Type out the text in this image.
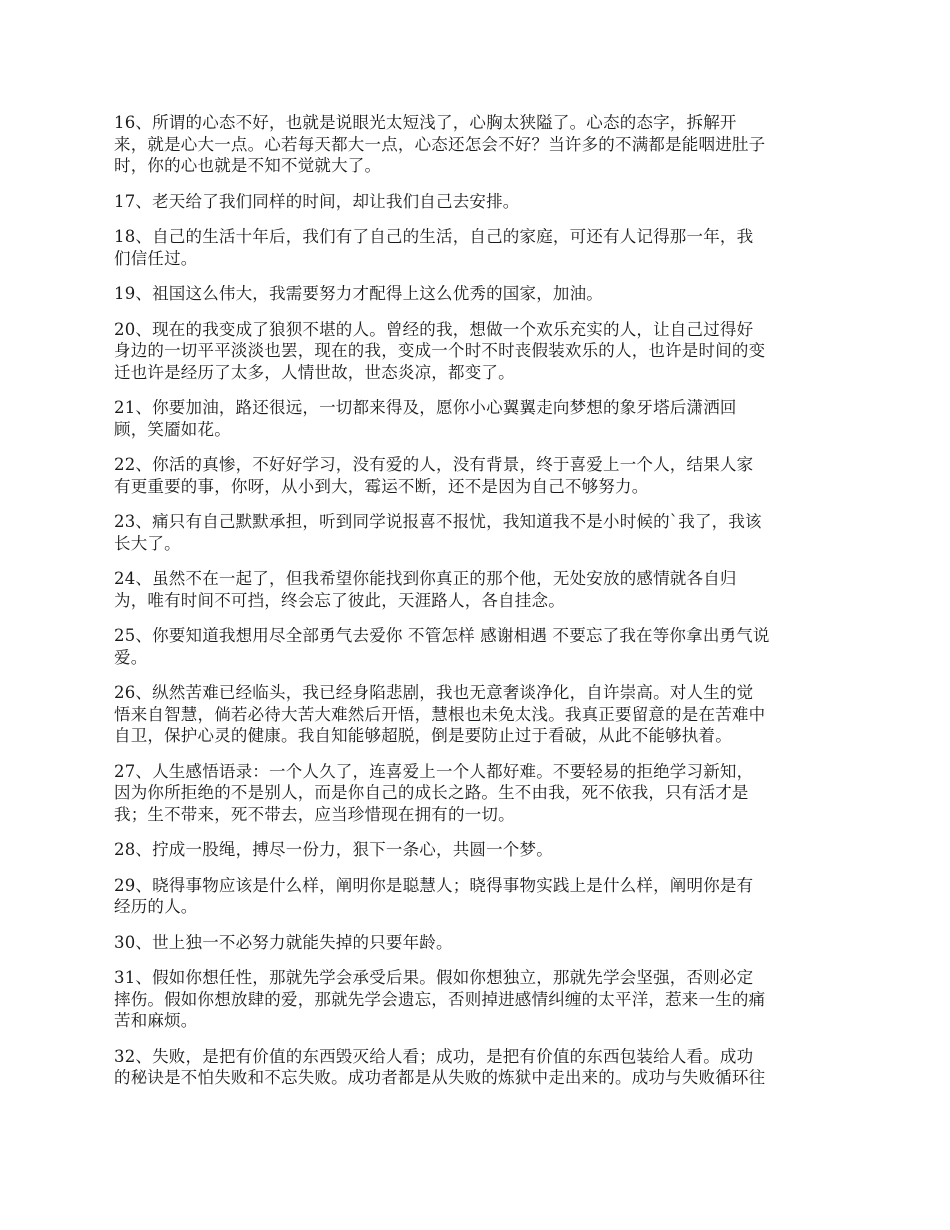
16、所谓的心态不好，也就是说眼光太短浅了，心胸太狭隘了。心态的态字，拆解开
来，就是心大一点。心若每天都大一点，心态还怎会不好？当许多的不满都是能咽进肚子
时，你的心也就是不知不觉就大了。
17、老天给了我们同样的时间，却让我们自己去安排。
18、自己的生活十年后，我们有了自己的生活，自己的家庭，可还有人记得那一年，我
们信任过。
19、祖国这么伟大，我需要努力才配得上这么优秀的国家，加油。
20、现在的我变成了狼狈不堪的人。曾经的我，想做一个欢乐充实的人，让自己过得好
身边的一切平平淡淡也罢，现在的我，变成一个时不时丧假装欢乐的人，也许是时间的变
迁也许是经历了太多，人情世故，世态炎凉，都变了。
21、你要加油，路还很远，一切都来得及，愿你小心翼翼走向梦想的象牙塔后潇洒回
顾，笑靥如花。
22、你活的真惨，不好好学习，没有爱的人，没有背景，终于喜爱上一个人，结果人家
有更重要的事，你呀，从小到大，霉运不断，还不是因为自己不够努力。
23、痛只有自己默默承担，听到同学说报喜不报忧，我知道我不是小时候的`我了，我该
长大了。
24、虽然不在一起了，但我希望你能找到你真正的那个他，无处安放的感情就各自归
为，唯有时间不可挡，终会忘了彼此，天涯路人，各自挂念。
25、你要知道我想用尽全部勇气去爱你 不管怎样 感谢相遇 不要忘了我在等你拿出勇气说
爱。
26、纵然苦难已经临头，我已经身陷悲剧，我也无意奢谈净化，自许崇高。对人生的觉
悟来自智慧，倘若必待大苦大难然后开悟，慧根也未免太浅。我真正要留意的是在苦难中
自卫，保护心灵的健康。我自知能够超脱，倒是要防止过于看破，从此不能够执着。
27、人生感悟语录：一个人久了，连喜爱上一个人都好难。不要轻易的拒绝学习新知，
因为你所拒绝的不是别人，而是你自己的成长之路。生不由我，死不依我，只有活才是
我；生不带来，死不带去，应当珍惜现在拥有的一切。
28、拧成一股绳，搏尽一份力，狠下一条心，共圆一个梦。
29、晓得事物应该是什么样，阐明你是聪慧人；晓得事物实践上是什么样，阐明你是有
经历的人。
30、世上独一不必努力就能失掉的只要年龄。
31、假如你想任性，那就先学会承受后果。假如你想独立，那就先学会坚强，否则必定
摔伤。假如你想放肆的爱，那就先学会遗忘，否则掉进感情纠缠的太平洋，惹来一生的痛
苦和麻烦。
32、失败，是把有价值的东西毁灭给人看；成功，是把有价值的东西包装给人看。成功
的秘诀是不怕失败和不忘失败。成功者都是从失败的炼狱中走出来的。成功与失败循环往
